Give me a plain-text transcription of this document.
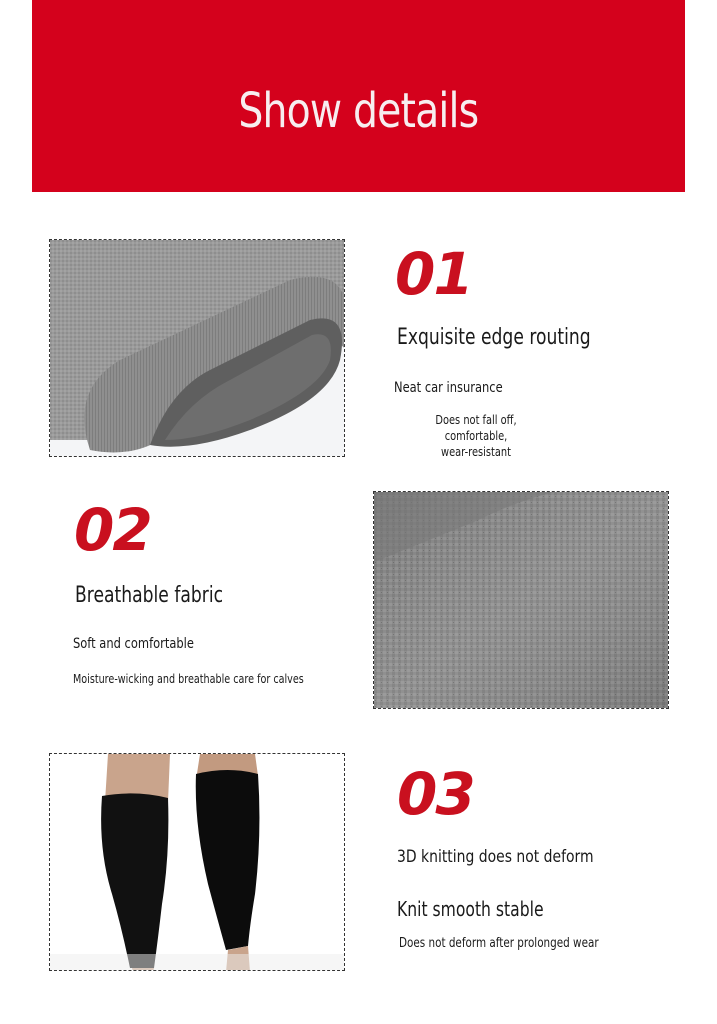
Show details
01
Exquisite edge routing
Neat car insurance
Does not fall off, comfortable,
wear-resistant
02
Breathable fabric
Soft and comfortable
Moisture-wicking and breathable care for calves
03
3D knitting does not deform
Knit smooth stable
Does not deform after prolonged wear
